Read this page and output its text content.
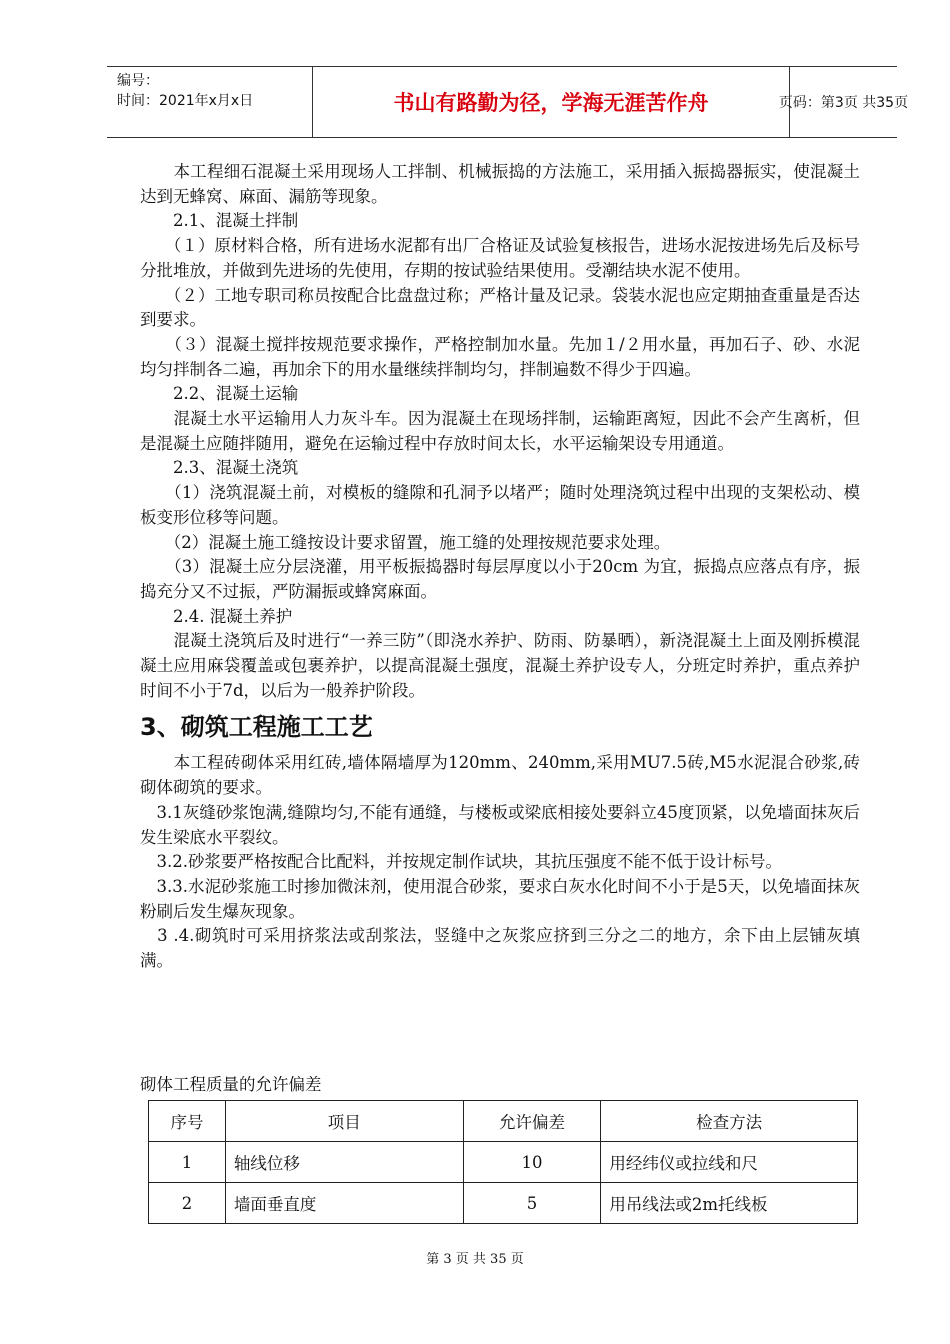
编号：
时间：2021年x月x日	书山有路勤为径，学海无涯苦作舟	页码：第3页 共35页

　　本工程细石混凝土采用现场人工拌制、机械振捣的方法施工，采用插入振捣器振实，使混凝土达到无蜂窝、麻面、漏筋等现象。

　　2.1、混凝土拌制

　　（１）原材料合格，所有进场水泥都有出厂合格证及试验复核报告，进场水泥按进场先后及标号分批堆放，并做到先进场的先使用，存期的按试验结果使用。受潮结块水泥不使用。

　　（２）工地专职司称员按配合比盘盘过称；严格计量及记录。袋装水泥也应定期抽查重量是否达到要求。

　　（３）混凝土搅拌按规范要求操作，严格控制加水量。先加１/２用水量，再加石子、砂、水泥均匀拌制各二遍，再加余下的用水量继续拌制均匀，拌制遍数不得少于四遍。

　　2.2、混凝土运输

　　混凝土水平运输用人力灰斗车。因为混凝土在现场拌制，运输距离短，因此不会产生离析，但是混凝土应随拌随用，避免在运输过程中存放时间太长，水平运输架设专用通道。

　　2.3、混凝土浇筑

　　（1）浇筑混凝土前，对模板的缝隙和孔洞予以堵严；随时处理浇筑过程中出现的支架松动、模板变形位移等问题。

　　（2）混凝土施工缝按设计要求留置，施工缝的处理按规范要求处理。

　　（3）混凝土应分层浇灌，用平板振捣器时每层厚度以小于20cm 为宜，振捣点应落点有序，振捣充分又不过振，严防漏振或蜂窝麻面。

　　2.4. 混凝土养护

　　混凝土浇筑后及时进行“一养三防”（即浇水养护、防雨、防暴晒），新浇混凝土上面及刚拆模混凝土应用麻袋覆盖或包裹养护，以提高混凝土强度，混凝土养护设专人，分班定时养护，重点养护时间不小于7d，以后为一般养护阶段。

3、砌筑工程施工工艺

　　本工程砖砌体采用红砖,墙体隔墙厚为120mm、240mm,采用MU7.5砖,M5水泥混合砂浆,砖砌体砌筑的要求。

　3.1灰缝砂浆饱满,缝隙均匀,不能有通缝，与楼板或梁底相接处要斜立45度顶紧，以免墙面抹灰后发生梁底水平裂纹。

　3.2.砂浆要严格按配合比配料，并按规定制作试块，其抗压强度不能不低于设计标号。

　3.3.水泥砂浆施工时掺加微沫剂，使用混合砂浆，要求白灰水化时间不小于是5天，以免墙面抹灰粉刷后发生爆灰现象。

　3 .4.砌筑时可采用挤浆法或刮浆法，竖缝中之灰浆应挤到三分之二的地方，余下由上层铺灰填满。

砌体工程质量的允许偏差
序号	项目	允许偏差	检查方法
1	轴线位移	10	用经纬仪或拉线和尺
2	墙面垂直度	5	用吊线法或2m托线板
第 3 页 共 35 页
